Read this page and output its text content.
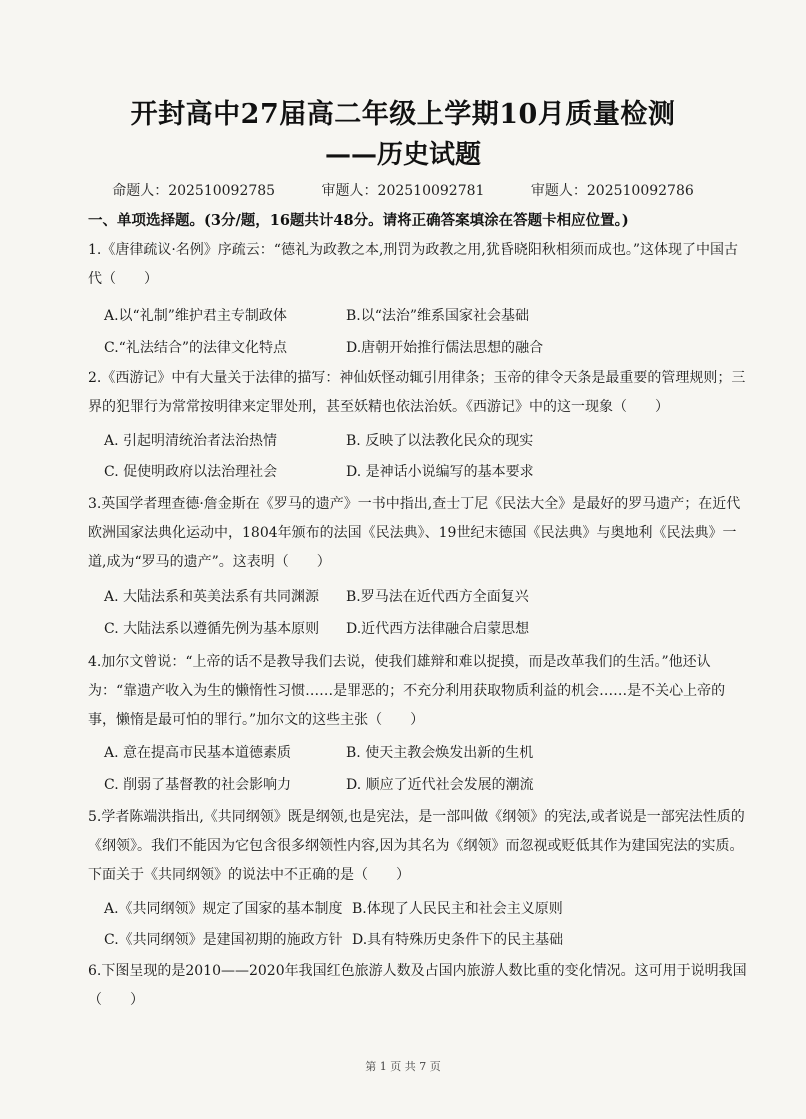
开封高中27届高二年级上学期10月质量检测
——历史试题
命题人：202510092785	审题人：202510092781	审题人：202510092786
一、单项选择题。(3分/题，16题共计48分。请将正确答案填涂在答题卡相应位置。)
1.《唐律疏议·名例》序疏云：“德礼为政教之本,刑罚为政教之用,犹昏晓阳秋相须而成也。”这体现了中国古代（　　）
A.以“礼制”维护君主专制政体	B.以“法治”维系国家社会基础
C.“礼法结合”的法律文化特点	D.唐朝开始推行儒法思想的融合
2.《西游记》中有大量关于法律的描写：神仙妖怪动辄引用律条；玉帝的律令天条是最重要的管理规则；三界的犯罪行为常常按明律来定罪处刑，甚至妖精也依法治妖。《西游记》中的这一现象（　　）
A. 引起明清统治者法治热情	B. 反映了以法教化民众的现实
C. 促使明政府以法治理社会	D. 是神话小说编写的基本要求
3.英国学者理查德·詹金斯在《罗马的遗产》一书中指出,查士丁尼《民法大全》是最好的罗马遗产；在近代欧洲国家法典化运动中，1804年颁布的法国《民法典》、19世纪末德国《民法典》与奥地利《民法典》一道,成为“罗马的遗产”。这表明（　　）
A. 大陆法系和英美法系有共同渊源 B.罗马法在近代西方全面复兴
C. 大陆法系以遵循先例为基本原则 D.近代西方法律融合启蒙思想
4.加尔文曾说：“上帝的话不是教导我们去说，使我们雄辩和难以捉摸，而是改革我们的生活。”他还认为：“靠遗产收入为生的懒惰性习惯……是罪恶的；不充分利用获取物质利益的机会……是不关心上帝的事，懒惰是最可怕的罪行。”加尔文的这些主张（　　）
A. 意在提高市民基本道德素质	B. 使天主教会焕发出新的生机
C. 削弱了基督教的社会影响力	D. 顺应了近代社会发展的潮流
5.学者陈端洪指出,《共同纲领》既是纲领,也是宪法，是一部叫做《纲领》的宪法,或者说是一部宪法性质的《纲领》。我们不能因为它包含很多纲领性内容,因为其名为《纲领》而忽视或贬低其作为建国宪法的实质。下面关于《共同纲领》的说法中不正确的是（　　）
A.《共同纲领》规定了国家的基本制度 B.体现了人民民主和社会主义原则
C.《共同纲领》是建国初期的施政方针 D.具有特殊历史条件下的民主基础
6.下图呈现的是2010——2020年我国红色旅游人数及占国内旅游人数比重的变化情况。这可用于说明我国（　　）
第 1 页 共 7 页
